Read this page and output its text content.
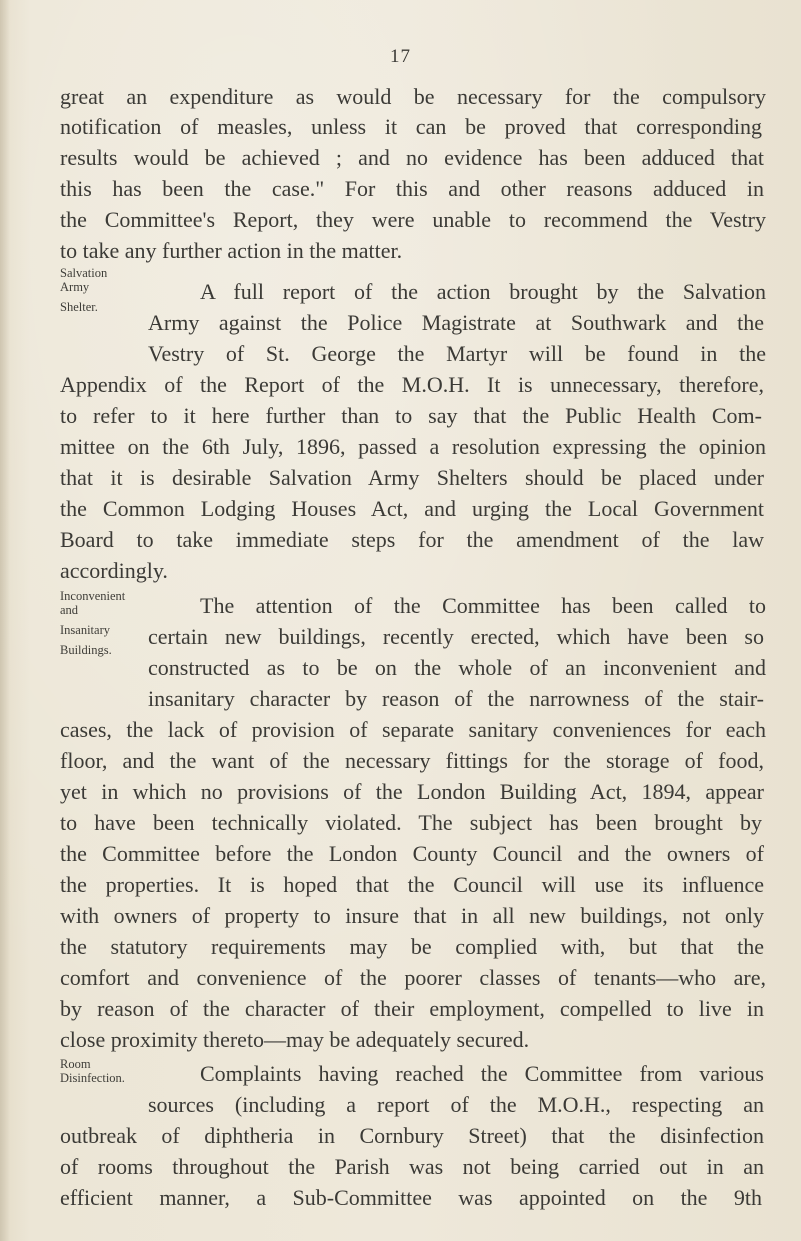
17
great an expenditure as would be necessary for the compulsory
notification of measles, unless it can be proved that corresponding
results would be achieved ; and no evidence has been adduced that
this has been the case." For this and other reasons adduced in
the Committee's Report, they were unable to recommend the Vestry
to take any further action in the matter.
Salvation
Army
Shelter.
A full report of the action brought by the Salvation
Army against the Police Magistrate at Southwark and the
Vestry of St. George the Martyr will be found in the
Appendix of the Report of the M.O.H. It is unnecessary, therefore,
to refer to it here further than to say that the Public Health Com-
mittee on the 6th July, 1896, passed a resolution expressing the opinion
that it is desirable Salvation Army Shelters should be placed under
the Common Lodging Houses Act, and urging the Local Government
Board to take immediate steps for the amendment of the law
accordingly.
Inconvenient
and
Insanitary
Buildings.
The attention of the Committee has been called to
certain new buildings, recently erected, which have been so
constructed as to be on the whole of an inconvenient and
insanitary character by reason of the narrowness of the stair-
cases, the lack of provision of separate sanitary conveniences for each
floor, and the want of the necessary fittings for the storage of food,
yet in which no provisions of the London Building Act, 1894, appear
to have been technically violated. The subject has been brought by
the Committee before the London County Council and the owners of
the properties. It is hoped that the Council will use its influence
with owners of property to insure that in all new buildings, not only
the statutory requirements may be complied with, but that the
comfort and convenience of the poorer classes of tenants—who are,
by reason of the character of their employment, compelled to live in
close proximity thereto—may be adequately secured.
Room
Disinfection.	Complaints having reached the Committee from various
sources (including a report of the M.O.H., respecting an
outbreak of diphtheria in Cornbury Street) that the disinfection
of rooms throughout the Parish was not being carried out in an
efficient manner, a Sub-Committee was appointed on the 9th
